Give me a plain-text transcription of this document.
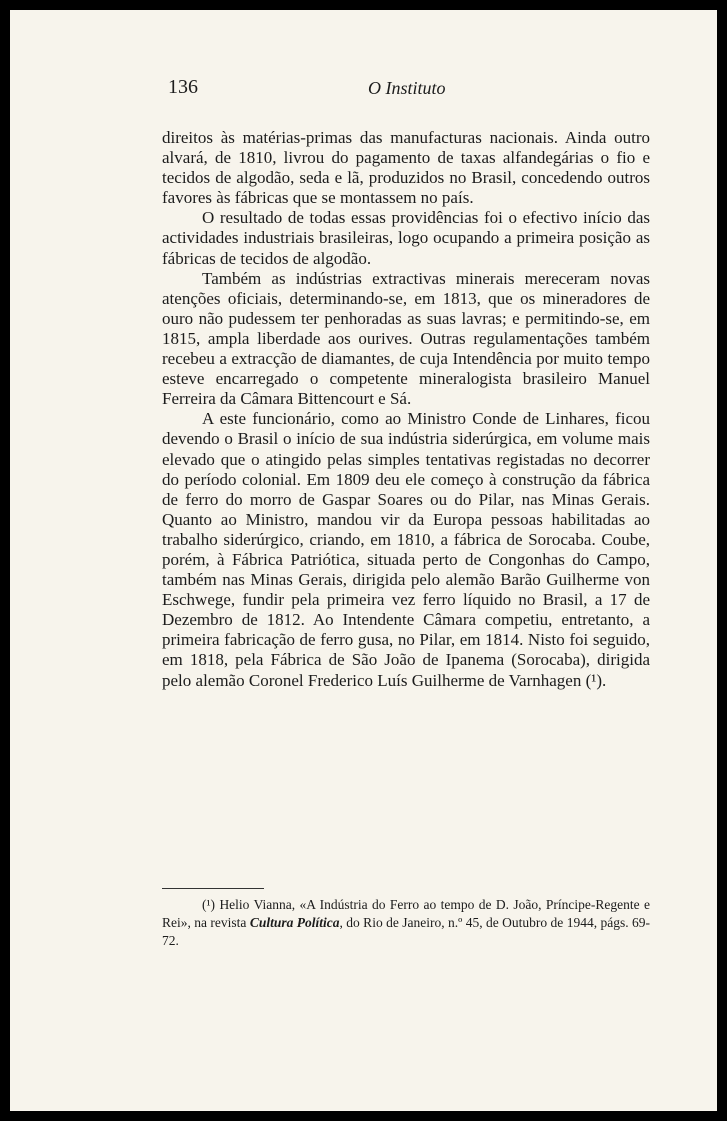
136	O Instituto

direitos às matérias-primas das manufacturas nacionais. Ainda outro alvará, de 1810, livrou do pagamento de taxas alfandegárias o fio e tecidos de algodão, seda e lã, produzidos no Brasil, concedendo outros favores às fábricas que se montassem no país.

O resultado de todas essas providências foi o efectivo início das actividades industriais brasileiras, logo ocupando a primeira posição as fábricas de tecidos de algodão.

Também as indústrias extractivas minerais mereceram novas atenções oficiais, determinando-se, em 1813, que os mineradores de ouro não pudessem ter penhoradas as suas lavras; e permitindo-se, em 1815, ampla liberdade aos ourives. Outras regulamentações também recebeu a extracção de diamantes, de cuja Intendência por muito tempo esteve encarregado o competente mineralogista brasileiro Manuel Ferreira da Câmara Bittencourt e Sá.

A este funcionário, como ao Ministro Conde de Linhares, ficou devendo o Brasil o início de sua indústria siderúrgica, em volume mais elevado que o atingido pelas simples tentativas registadas no decorrer do período colonial. Em 1809 deu ele começo à construção da fábrica de ferro do morro de Gaspar Soares ou do Pilar, nas Minas Gerais. Quanto ao Ministro, mandou vir da Europa pessoas habilitadas ao trabalho siderúrgico, criando, em 1810, a fábrica de Sorocaba. Coube, porém, à Fábrica Patriótica, situada perto de Congonhas do Campo, também nas Minas Gerais, dirigida pelo alemão Barão Guilherme von Eschwege, fundir pela primeira vez ferro líquido no Brasil, a 17 de Dezembro de 1812. Ao Intendente Câmara competiu, entretanto, a primeira fabricação de ferro gusa, no Pilar, em 1814. Nisto foi seguido, em 1818, pela Fábrica de São João de Ipanema (Sorocaba), dirigida pelo alemão Coronel Frederico Luís Guilherme de Varnhagen (¹).

(¹) Helio Vianna, «A Indústria do Ferro ao tempo de D. João, Príncipe-Regente e Rei», na revista Cultura Política, do Rio de Janeiro, n.º 45, de Outubro de 1944, págs. 69-72.
